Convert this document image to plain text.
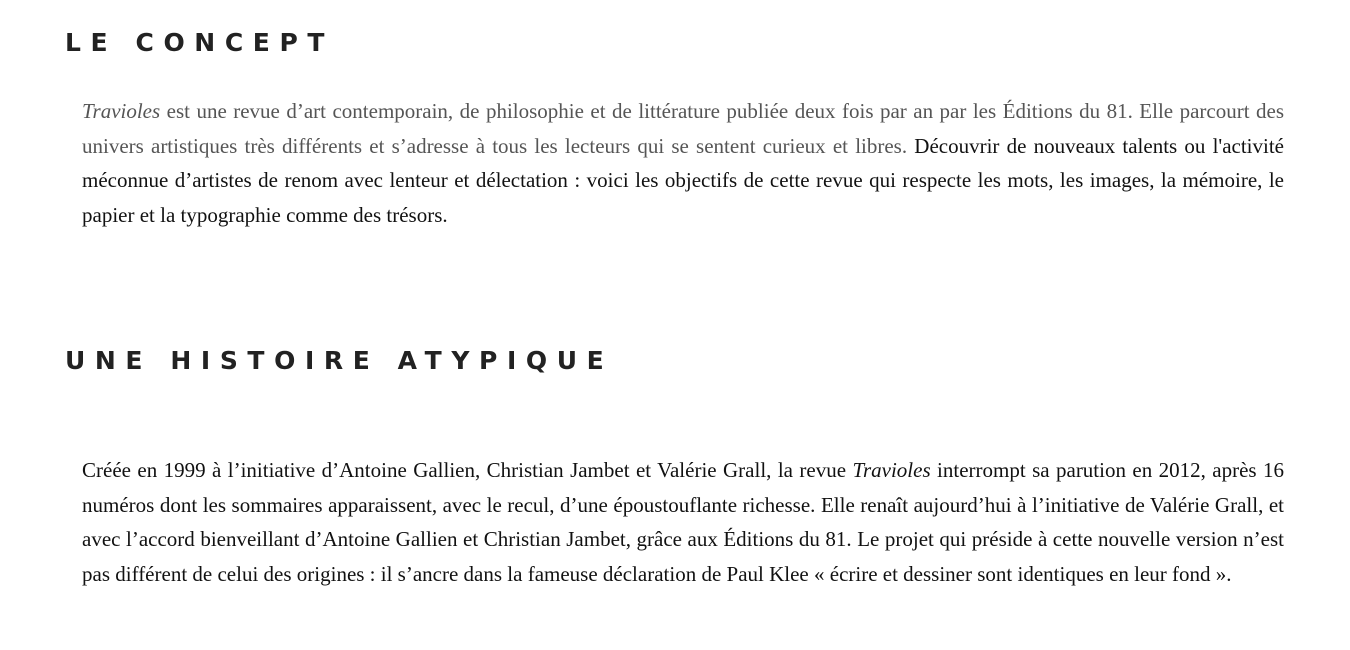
LE CONCEPT

Travioles est une revue d’art contemporain, de philosophie et de littérature publiée deux fois par an par les Éditions du 81. Elle parcourt des univers artistiques très différents et s’adresse à tous les lecteurs qui se sentent curieux et libres. Découvrir de nouveaux talents ou l'activité méconnue d’artistes de renom avec lenteur et délectation : voici les objectifs de cette revue qui respecte les mots, les images, la mémoire, le papier et la typographie comme des trésors.

UNE HISTOIRE ATYPIQUE

Créée en 1999 à l’initiative d’Antoine Gallien, Christian Jambet et Valérie Grall, la revue Travioles interrompt sa parution en 2012, après 16 numéros dont les sommaires apparaissent, avec le recul, d’une époustouflante richesse. Elle renaît aujourd’hui à l’initiative de Valérie Grall, et avec l’accord bienveillant d’Antoine Gallien et Christian Jambet, grâce aux Éditions du 81. Le projet qui préside à cette nouvelle version n’est pas différent de celui des origines : il s’ancre dans la fameuse déclaration de Paul Klee « écrire et dessiner sont identiques en leur fond ».
